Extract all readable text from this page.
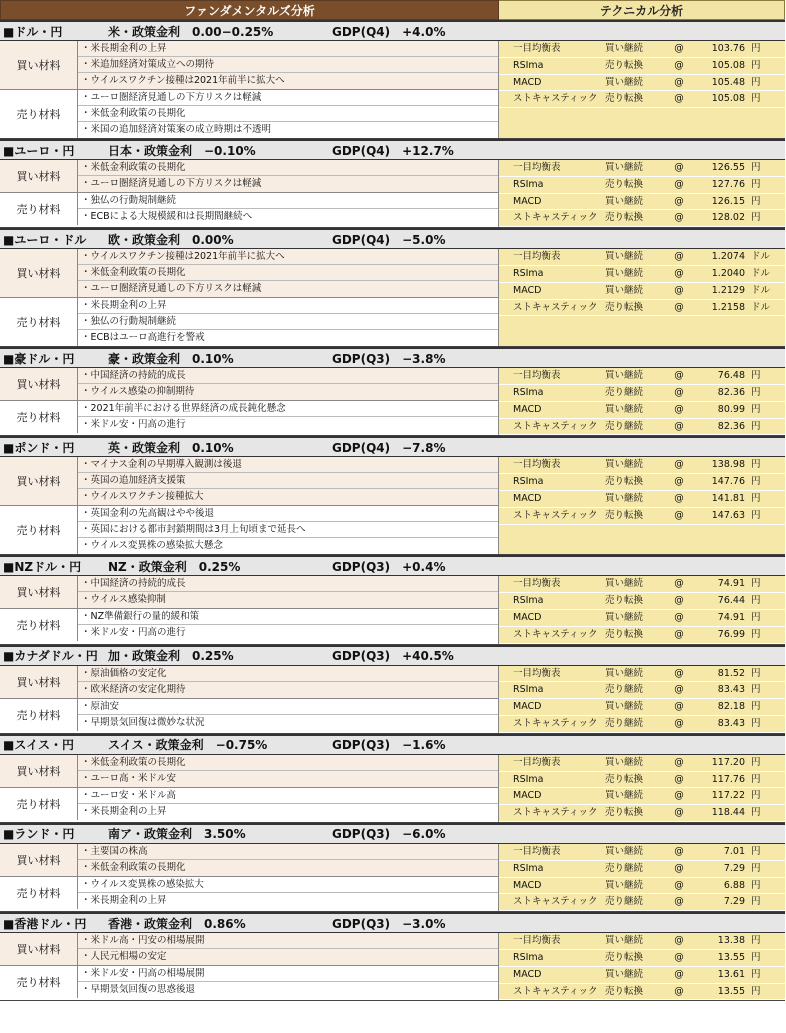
ファンダメンタルズ分析	テクニカル分析
■ドル・円	米・政策金利　0.00−0.25%	GDP(Q4)　+4.0%
買い材料
・米長期金利の上昇
・米追加経済対策成立への期待
・ウイルスワクチン接種は2021年前半に拡大へ
売り材料
・ユーロ圏経済見通しの下方リスクは軽減
・米低金利政策の長期化
・米国の追加経済対策案の成立時期は不透明
一目均衡表	買い継続	@	103.76 円
RSIma	売り転換	@	105.08 円
MACD	買い継続	@	105.48 円
ストキャスティック 売り転換	@	105.08 円
■ユーロ・円	日本・政策金利　−0.10%	GDP(Q4)　+12.7%
買い材料
・米低金利政策の長期化
・ユーロ圏経済見通しの下方リスクは軽減
売り材料
・独仏の行動規制継続
・ECBによる大規模緩和は長期間継続へ
一目均衡表	買い継続	@	126.55 円
RSIma	売り転換	@	127.76 円
MACD	買い継続	@	126.15 円
ストキャスティック 売り転換	@	128.02 円
■ユーロ・ドル	欧・政策金利　0.00%	GDP(Q4)　−5.0%
買い材料
・ウイルスワクチン接種は2021年前半に拡大へ
・米低金利政策の長期化
・ユーロ圏経済見通しの下方リスクは軽減
売り材料
・米長期金利の上昇
・独仏の行動規制継続
・ECBはユーロ高進行を警戒
一目均衡表	買い継続	@	1.2074 ドル
RSIma	買い継続	@	1.2040 ドル
MACD	買い継続	@	1.2129 ドル
ストキャスティック 売り転換	@	1.2158 ドル
■豪ドル・円	豪・政策金利　0.10%	GDP(Q3)　−3.8%
買い材料
・中国経済の持続的成長
・ウイルス感染の抑制期待
売り材料
・2021年前半における世界経済の成長鈍化懸念
・米ドル安・円高の進行
一目均衡表	買い継続	@	76.48 円
RSIma	売り継続	@	82.36 円
MACD	買い継続	@	80.99 円
ストキャスティック 売り継続	@	82.36 円
■ポンド・円	英・政策金利　0.10%	GDP(Q4)　−7.8%
買い材料
・マイナス金利の早期導入観測は後退
・英国の追加経済支援策
・ウイルスワクチン接種拡大
売り材料
・英国金利の先高観はやや後退
・英国における都市封鎖期間は3月上旬頃まで延長へ
・ウイルス変異株の感染拡大懸念
一目均衡表	買い継続	@	138.98 円
RSIma	売り転換	@	147.76 円
MACD	買い継続	@	141.81 円
ストキャスティック 売り転換	@	147.63 円
■NZドル・円	NZ・政策金利　0.25%	GDP(Q3)　+0.4%
買い材料
・中国経済の持続的成長
・ウイルス感染抑制
売り材料
・NZ準備銀行の量的緩和策
・米ドル安・円高の進行
一目均衡表	買い継続	@	74.91 円
RSIma	売り転換	@	76.44 円
MACD	買い継続	@	74.91 円
ストキャスティック 売り転換	@	76.99 円
■カナダドル・円 加・政策金利　0.25%	GDP(Q3)　+40.5%
買い材料
・原油価格の安定化
・欧米経済の安定化期待
売り材料
・原油安
・早期景気回復は微妙な状況
一目均衡表	買い継続	@	81.52 円
RSIma	売り継続	@	83.43 円
MACD	買い継続	@	82.18 円
ストキャスティック 売り継続	@	83.43 円
■スイス・円	スイス・政策金利　−0.75%	GDP(Q3)　−1.6%
買い材料
・米低金利政策の長期化
・ユーロ高・米ドル安
売り材料
・ユーロ安・米ドル高
・米長期金利の上昇
一目均衡表	買い継続	@	117.20 円
RSIma	売り転換	@	117.76 円
MACD	買い継続	@	117.22 円
ストキャスティック 売り転換	@	118.44 円
■ランド・円	南ア・政策金利　3.50%	GDP(Q3)　−6.0%
買い材料
・主要国の株高
・米低金利政策の長期化
売り材料
・ウイルス変異株の感染拡大
・米長期金利の上昇
一目均衡表	買い継続	@	7.01 円
RSIma	売り継続	@	7.29 円
MACD	買い継続	@	6.88 円
ストキャスティック 売り継続	@	7.29 円
■香港ドル・円	香港・政策金利　0.86%	GDP(Q3)　−3.0%
買い材料
・米ドル高・円安の相場展開
・人民元相場の安定
売り材料
・米ドル安・円高の相場展開
・早期景気回復の思惑後退
一目均衡表	買い継続	@	13.38 円
RSIma	売り転換	@	13.55 円
MACD	買い継続	@	13.61 円
ストキャスティック 売り転換	@	13.55 円
